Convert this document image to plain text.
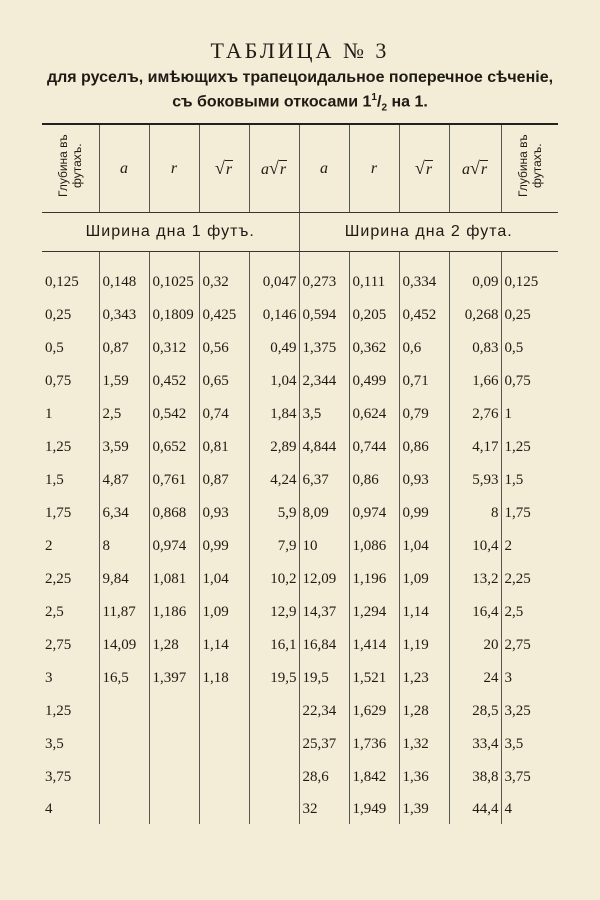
ТАБЛИЦА № 3
для руселъ, имѣющихъ трапецоидальное поперечное сѣченіе,
съ боковыми откосами $1^1/_2$ на 1.
Глубина въ футахъ.	a	r	√r	a√r	a	r	√r	a√r	Глубина въ футахъ.
Ширина дна 1 футъ.					Ширина дна 2 фута.				

0,125	0,148	0,1025	0,32	0,047	0,273	0,111	0,334	0,09	0,125
0,25	0,343	0,1809	0,425	0,146	0,594	0,205	0,452	0,268	0,25
0,5	0,87	0,312	0,56	0,49	1,375	0,362	0,6	0,83	0,5
0,75	1,59	0,452	0,65	1,04	2,344	0,499	0,71	1,66	0,75
1	2,5	0,542	0,74	1,84	3,5	0,624	0,79	2,76	1
1,25	3,59	0,652	0,81	2,89	4,844	0,744	0,86	4,17	1,25
1,5	4,87	0,761	0,87	4,24	6,37	0,86	0,93	5,93	1,5
1,75	6,34	0,868	0,93	5,9	8,09	0,974	0,99	8	1,75
2	8	0,974	0,99	7,9	10	1,086	1,04	10,4	2
2,25	9,84	1,081	1,04	10,2	12,09	1,196	1,09	13,2	2,25
2,5	11,87	1,186	1,09	12,9	14,37	1,294	1,14	16,4	2,5
2,75	14,09	1,28	1,14	16,1	16,84	1,414	1,19	20	2,75
3	16,5	1,397	1,18	19,5	19,5	1,521	1,23	24	3
1,25					22,34	1,629	1,28	28,5	3,25
3,5					25,37	1,736	1,32	33,4	3,5
3,75					28,6	1,842	1,36	38,8	3,75
4					32	1,949	1,39	44,4	4
